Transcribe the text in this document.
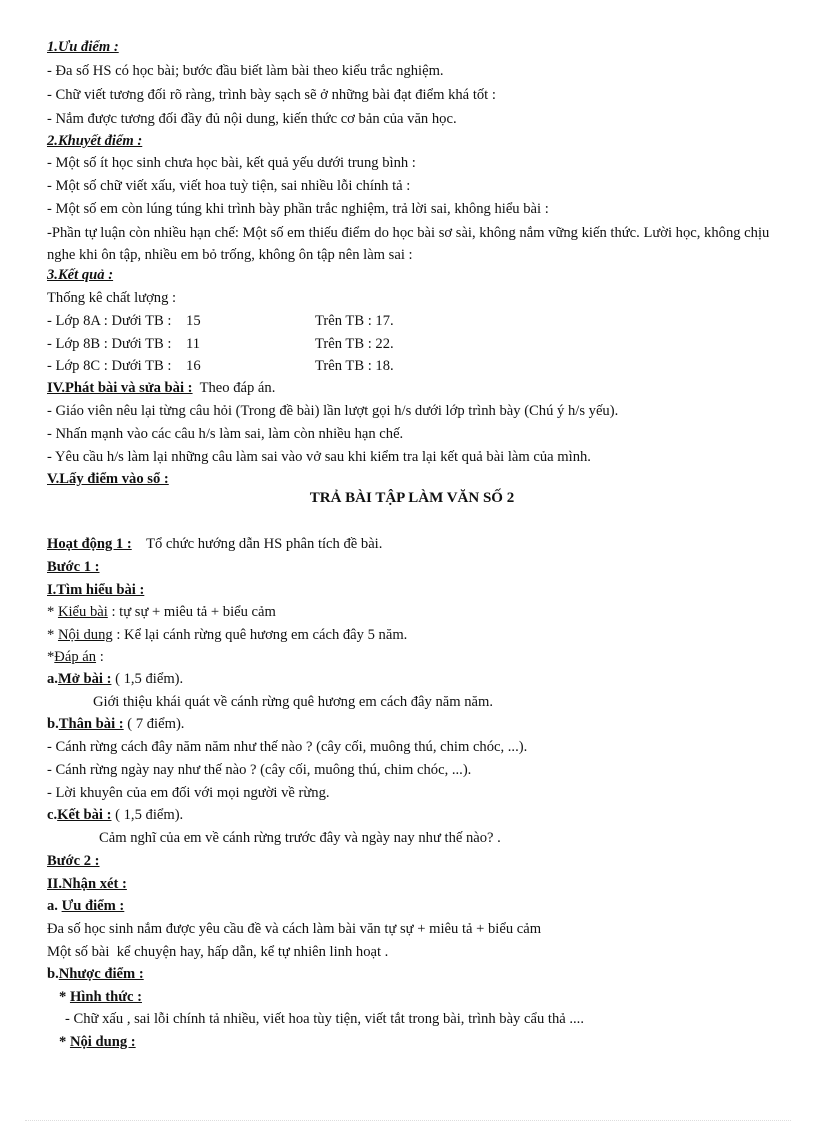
1.Ưu điểm :
- Đa số HS có học bài; bước đầu biết làm bài theo kiểu trắc nghiệm.
- Chữ viết tương đối rõ ràng, trình bày sạch sẽ ở những bài đạt điểm khá tốt :
- Nắm được tương đối đầy đủ nội dung, kiến thức cơ bản của văn học.
2.Khuyết điểm :
- Một số ít học sinh chưa học bài, kết quả yếu dưới trung bình :
- Một số chữ viết xấu, viết hoa tuỳ tiện, sai nhiều lỗi chính tả :
- Một số em còn lúng túng khi trình bày phần trắc nghiệm, trả lời sai, không hiểu bài :
-Phần tự luận còn nhiều hạn chế: Một số em thiếu điểm do học bài sơ sài, không nắm vững kiến thức. Lười học, không chịu nghe khi ôn tập, nhiều em bỏ trống, không ôn tập nên làm sai :
3.Kết quả :
Thống kê chất lượng :
- Lớp 8A : Dưới TB :    15	Trên TB : 17.
- Lớp 8B : Dưới TB :    11	Trên TB : 22.
- Lớp 8C : Dưới TB :    16	Trên TB : 18.
IV.Phát bài và sửa bài :  Theo đáp án.
- Giáo viên nêu lại từng câu hỏi (Trong đề bài) lần lượt gọi h/s dưới lớp trình bày (Chú ý h/s yếu).
- Nhấn mạnh vào các câu h/s làm sai, làm còn nhiều hạn chế.
- Yêu cầu h/s làm lại những câu làm sai vào vở sau khi kiểm tra lại kết quả bài làm của mình.
V.Lấy điểm vào sổ :
TRẢ BÀI TẬP LÀM VĂN SỐ 2
Hoạt động 1 :    Tổ chức hướng dẫn HS phân tích đề bài.
Bước 1 :
I.Tìm hiểu bài :
* Kiểu bài : tự sự + miêu tả + biểu cảm
* Nội dung : Kể lại cánh rừng quê hương em cách đây 5 năm.
*Đáp án :
a.Mở bài : ( 1,5 điểm).
Giới thiệu khái quát về cánh rừng quê hương em cách đây năm năm.
b.Thân bài : ( 7 điểm).
- Cánh rừng cách đây năm năm như thế nào ? (cây cối, muông thú, chim chóc, ...).
- Cánh rừng ngày nay như thế nào ? (cây cối, muông thú, chim chóc, ...).
- Lời khuyên của em đối với mọi người về rừng.
c.Kết bài : ( 1,5 điểm).
Cảm nghĩ của em về cánh rừng trước đây và ngày nay như thế nào? .
Bước 2 :
II.Nhận xét :
a. Ưu điểm :
Đa số học sinh nắm được yêu cầu đề và cách làm bài văn tự sự + miêu tả + biểu cảm
Một số bài  kể chuyện hay, hấp dẫn, kể tự nhiên linh hoạt .
b.Nhược điểm :
* Hình thức :
- Chữ xấu , sai lỗi chính tả nhiều, viết hoa tùy tiện, viết tắt trong bài, trình bày cẩu thả ....
* Nội dung :
